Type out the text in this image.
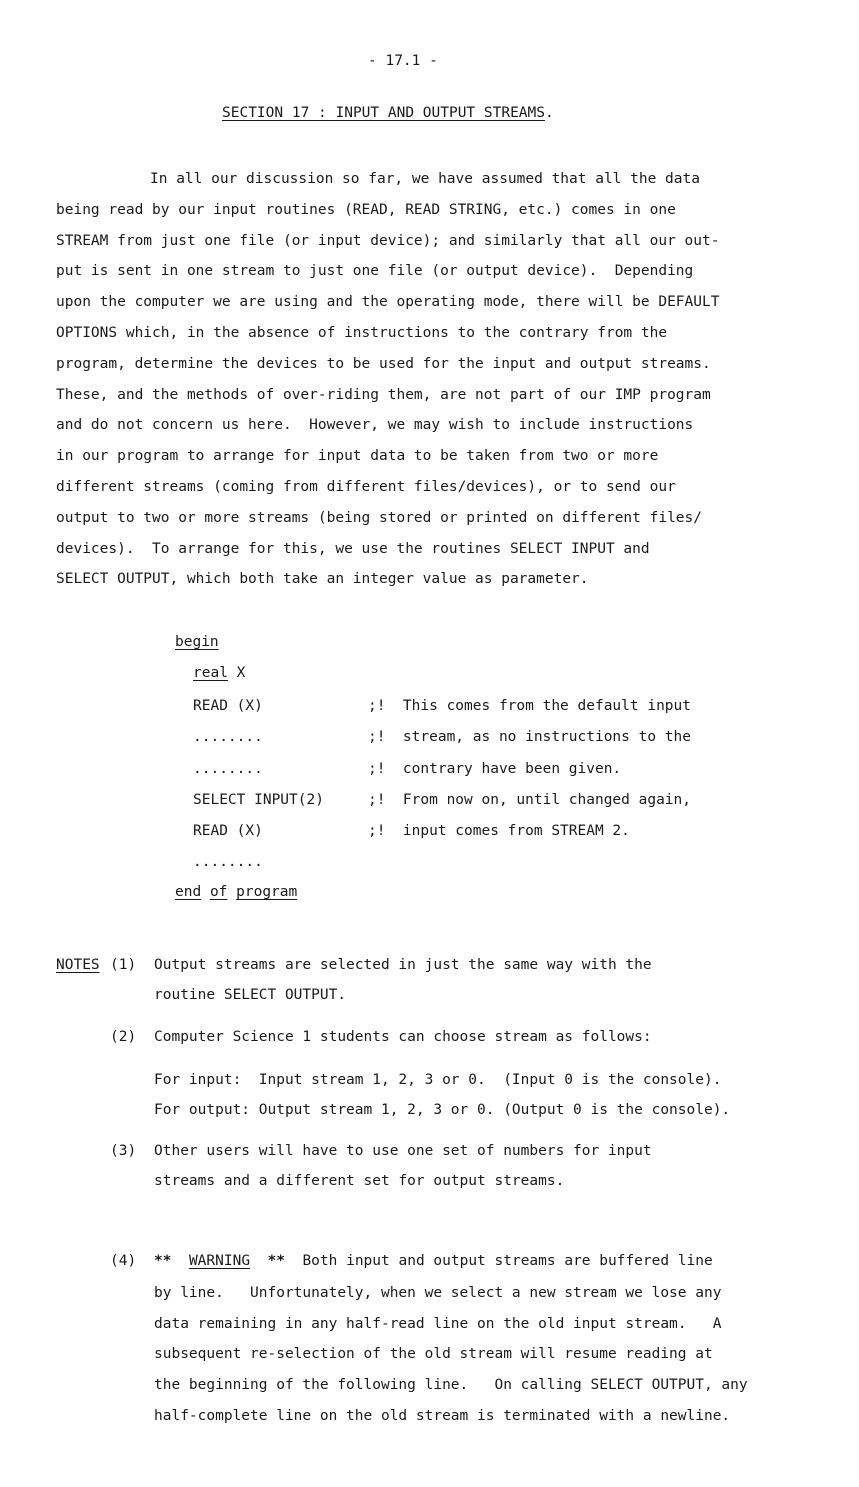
- 17.1 -
SECTION 17 : INPUT AND OUTPUT STREAMS.
In all our discussion so far, we have assumed that all the data
being read by our input routines (READ, READ STRING, etc.) comes in one
STREAM from just one file (or input device); and similarly that all our out-
put is sent in one stream to just one file (or output device).  Depending
upon the computer we are using and the operating mode, there will be DEFAULT
OPTIONS which, in the absence of instructions to the contrary from the
program, determine the devices to be used for the input and output streams.
These, and the methods of over-riding them, are not part of our IMP program
and do not concern us here.  However, we may wish to include instructions
in our program to arrange for input data to be taken from two or more
different streams (coming from different files/devices), or to send our
output to two or more streams (being stored or printed on different files/
devices).  To arrange for this, we use the routines SELECT INPUT and
SELECT OUTPUT, which both take an integer value as parameter.
begin
real X
READ (X)	;!  This comes from the default input
........	;!  stream, as no instructions to the
........	;!  contrary have been given.
SELECT INPUT(2)	;!  From now on, until changed again,
READ (X)	;!  input comes from STREAM 2.
........
end of program
NOTES (1) Output streams are selected in just the same way with the
routine SELECT OUTPUT.
(2) Computer Science 1 students can choose stream as follows:
For input:  Input stream 1, 2, 3 or 0.  (Input 0 is the console).
For output: Output stream 1, 2, 3 or 0. (Output 0 is the console).
(3) Other users will have to use one set of numbers for input
streams and a different set for output streams.
(4) ** WARNING ** Both input and output streams are buffered line
by line.   Unfortunately, when we select a new stream we lose any
data remaining in any half-read line on the old input stream.   A
subsequent re-selection of the old stream will resume reading at
the beginning of the following line.   On calling SELECT OUTPUT, any
half-complete line on the old stream is terminated with a newline.
